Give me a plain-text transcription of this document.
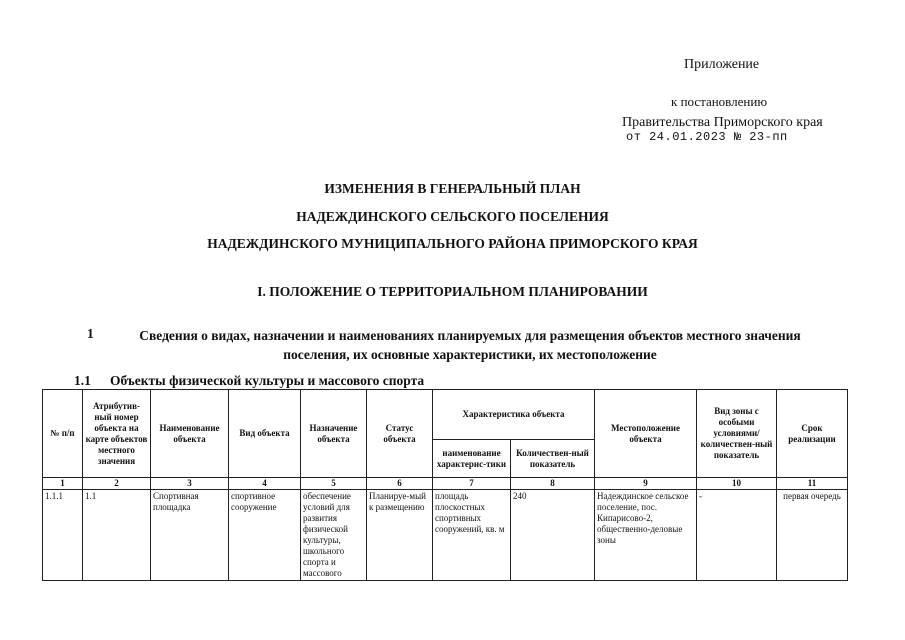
Приложение
к постановлению
Правительства Приморского края
от 24.01.2023 № 23-пп
ИЗМЕНЕНИЯ В ГЕНЕРАЛЬНЫЙ ПЛАН
НАДЕЖДИНСКОГО СЕЛЬСКОГО ПОСЕЛЕНИЯ
НАДЕЖДИНСКОГО МУНИЦИПАЛЬНОГО РАЙОНА ПРИМОРСКОГО КРАЯ
I. ПОЛОЖЕНИЕ О ТЕРРИТОРИАЛЬНОМ ПЛАНИРОВАНИИ
1	Сведения о видах, назначении и наименованиях планируемых для размещения объектов местного значения поселения, их основные характеристики, их местоположение
1.1 Объекты физической культуры и массового спорта
№ п/п	Атрибутив-ный номер объекта на карте объектов местного значения	Наименование объекта	Вид объекта	Назначение объекта	Статус объекта	Характеристика объекта		Местоположение объекта	Вид зоны с особыми условиями/ количествен-ный показатель	Срок реализации
						наименование характерис-тики	Количествен-ный показатель			
1	2	3	4	5	6	7	8	9	10	11
1.1.1	1.1	Спортивная площадка	спортивное сооружение	обеспечение условий для развития физической культуры, школьного спорта и массового	Планируе-мый к размещению	площадь плоскостных спортивных сооружений, кв. м	240	Надеждинское сельское поселение, пос. Кипарисово-2, общественно-деловые зоны	-	первая очередь
